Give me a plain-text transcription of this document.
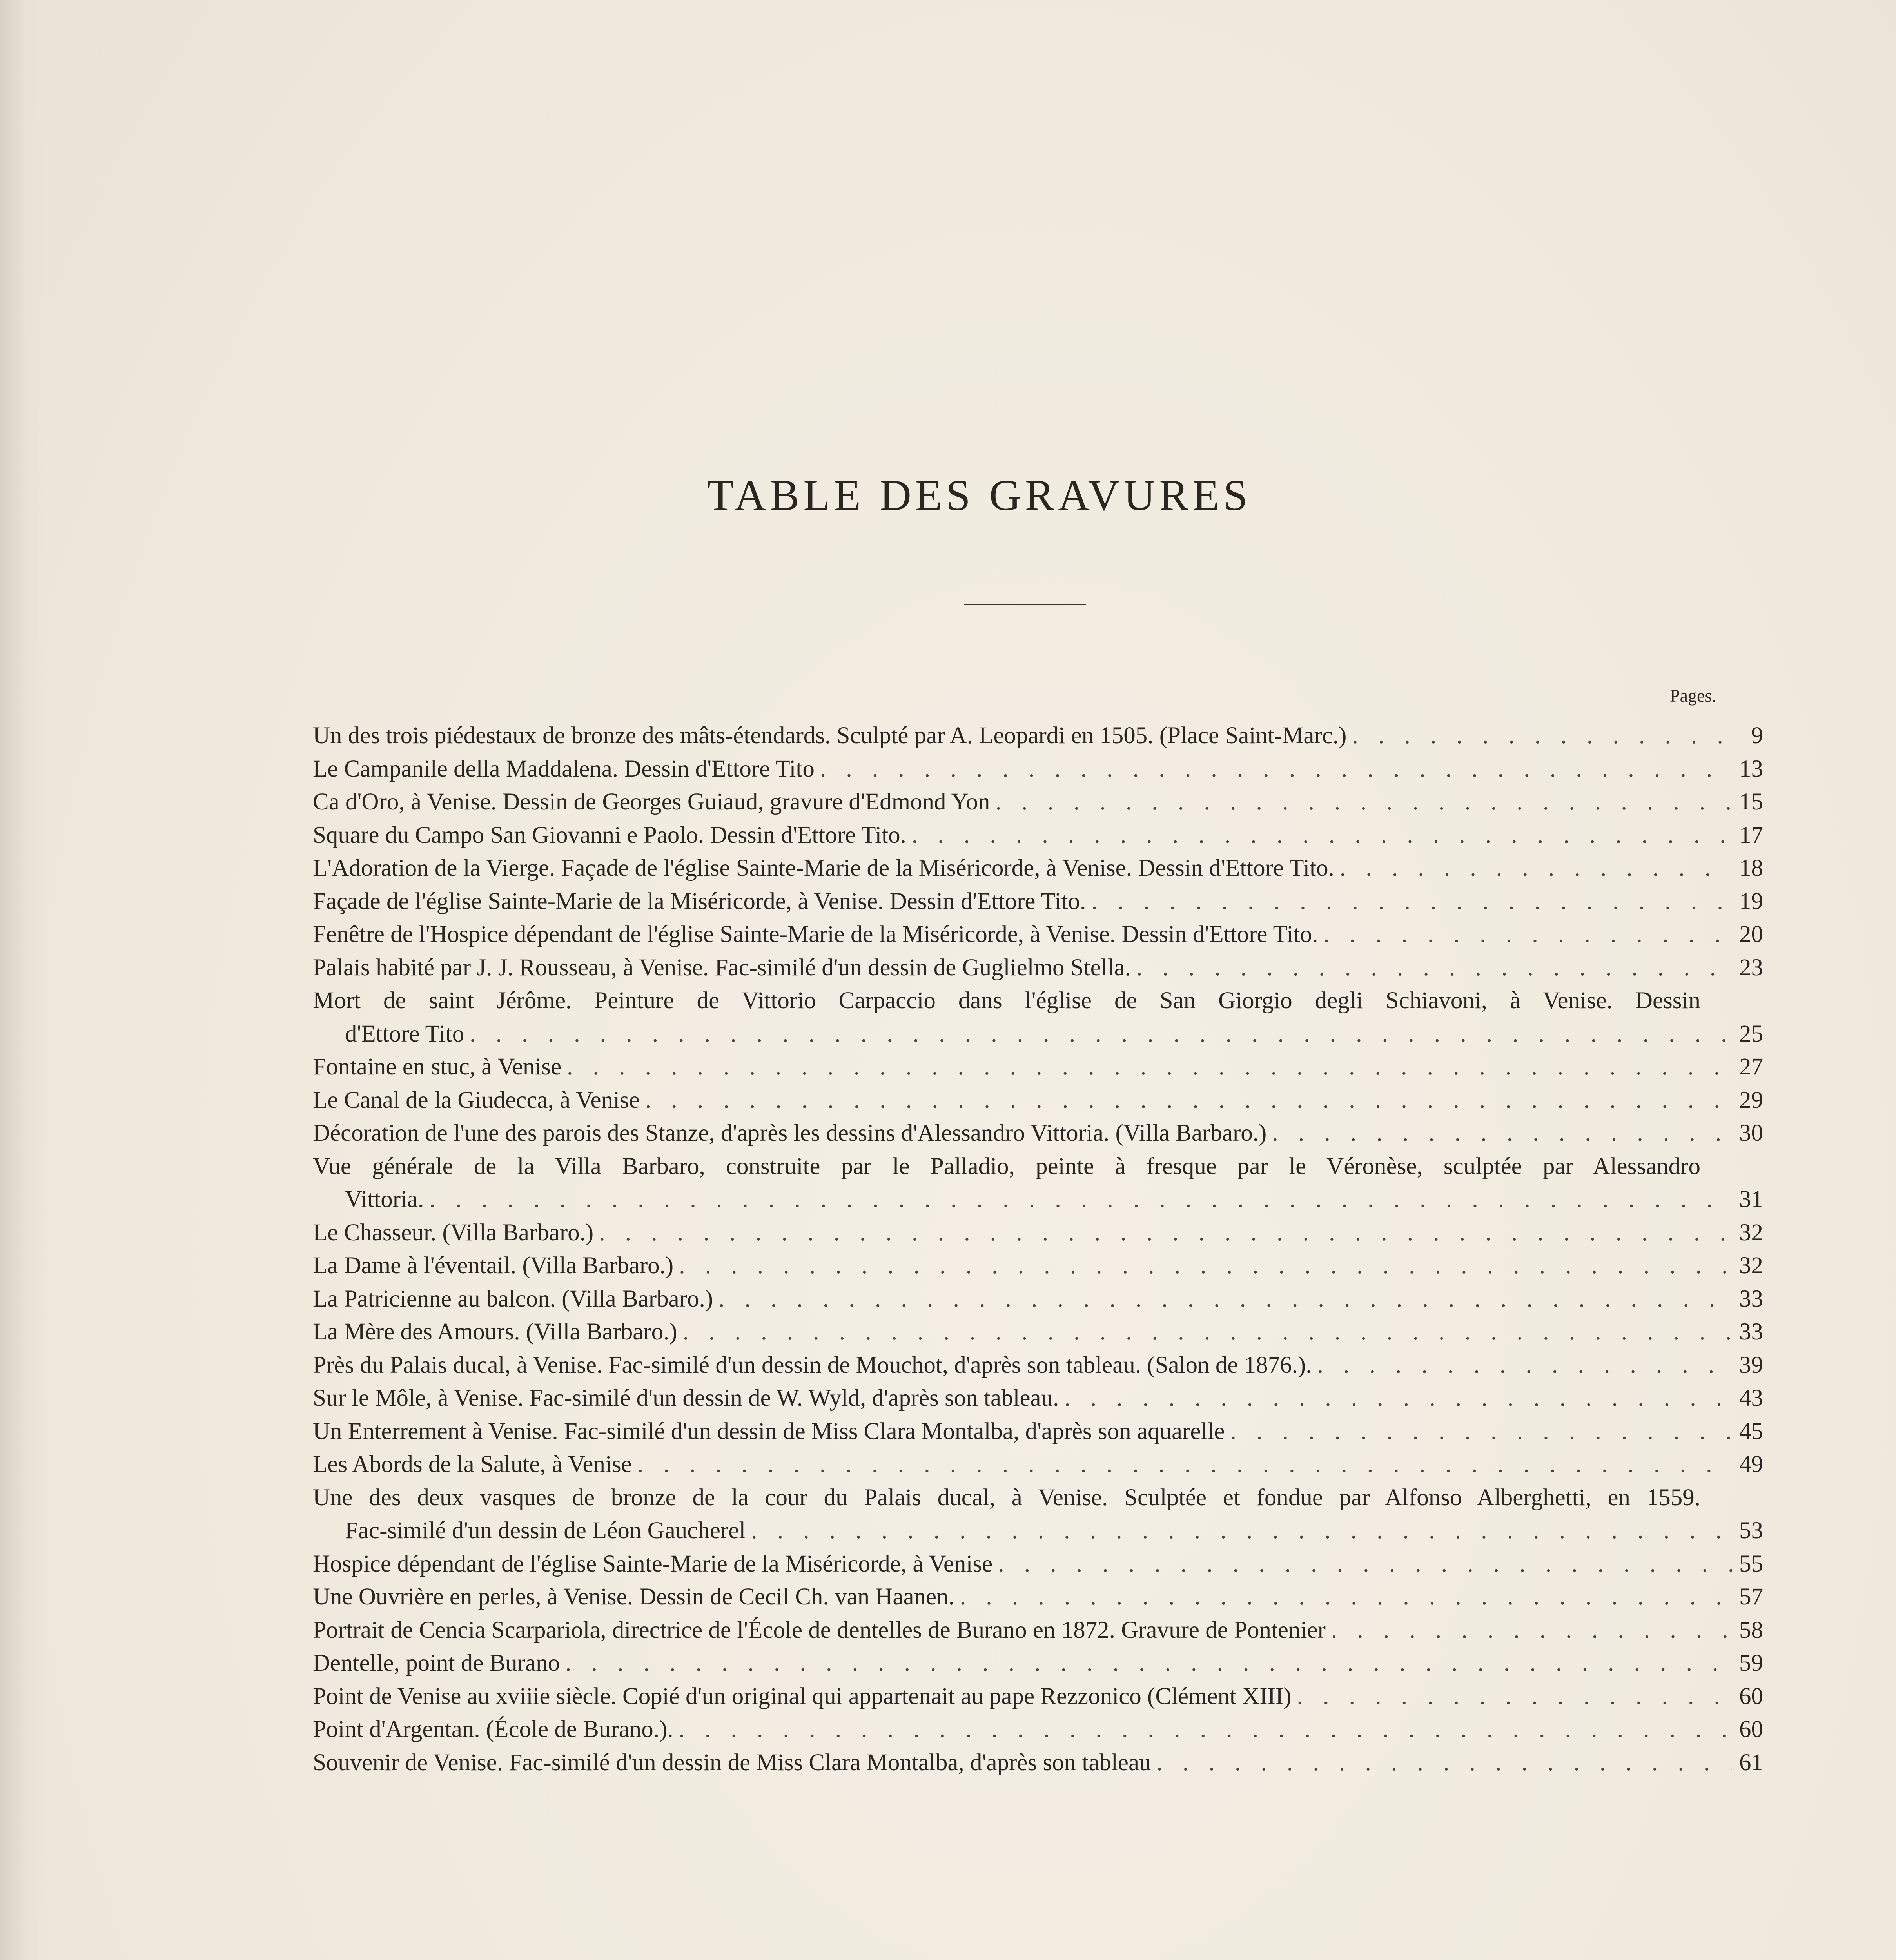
TABLE DES GRAVURES
Pages.
Un des trois piédestaux de bronze des mâts-étendards. Sculpté par A. Leopardi en 1505. (Place Saint-Marc.) . . .	9
Le Campanile della Maddalena. Dessin d'Ettore Tito . . .	13
Ca d'Oro, à Venise. Dessin de Georges Guiaud, gravure d'Edmond Yon . . .	15
Square du Campo San Giovanni e Paolo. Dessin d'Ettore Tito. . . .	17
L'Adoration de la Vierge. Façade de l'église Sainte-Marie de la Miséricorde, à Venise. Dessin d'Ettore Tito. . . .	18
Façade de l'église Sainte-Marie de la Miséricorde, à Venise. Dessin d'Ettore Tito. . . .	19
Fenêtre de l'Hospice dépendant de l'église Sainte-Marie de la Miséricorde, à Venise. Dessin d'Ettore Tito. . . .	20
Palais habité par J. J. Rousseau, à Venise. Fac-similé d'un dessin de Guglielmo Stella. . . .	23
Mort de saint Jérôme. Peinture de Vittorio Carpaccio dans l'église de San Giorgio degli Schiavoni, à Venise. Dessin
d'Ettore Tito . . .	25
Fontaine en stuc, à Venise . . .	27
Le Canal de la Giudecca, à Venise . . .	29
Décoration de l'une des parois des Stanze, d'après les dessins d'Alessandro Vittoria. (Villa Barbaro.) . . .	30
Vue générale de la Villa Barbaro, construite par le Palladio, peinte à fresque par le Véronèse, sculptée par Alessandro
Vittoria. . . .	31
Le Chasseur. (Villa Barbaro.) . . .	32
La Dame à l'éventail. (Villa Barbaro.) . . .	32
La Patricienne au balcon. (Villa Barbaro.) . . .	33
La Mère des Amours. (Villa Barbaro.) . . .	33
Près du Palais ducal, à Venise. Fac-similé d'un dessin de Mouchot, d'après son tableau. (Salon de 1876.). . . .	39
Sur le Môle, à Venise. Fac-similé d'un dessin de W. Wyld, d'après son tableau. . . .	43
Un Enterrement à Venise. Fac-similé d'un dessin de Miss Clara Montalba, d'après son aquarelle . . .	45
Les Abords de la Salute, à Venise . . .	49
Une des deux vasques de bronze de la cour du Palais ducal, à Venise. Sculptée et fondue par Alfonso Alberghetti, en 1559.
Fac-similé d'un dessin de Léon Gaucherel . . .	53
Hospice dépendant de l'église Sainte-Marie de la Miséricorde, à Venise . . .	55
Une Ouvrière en perles, à Venise. Dessin de Cecil Ch. van Haanen. . . .	57
Portrait de Cencia Scarpariola, directrice de l'École de dentelles de Burano en 1872. Gravure de Pontenier . . .	58
Dentelle, point de Burano . . .	59
Point de Venise au xviiie siècle. Copié d'un original qui appartenait au pape Rezzonico (Clément XIII) . . .	60
Point d'Argentan. (École de Burano.). . . .	60
Souvenir de Venise. Fac-similé d'un dessin de Miss Clara Montalba, d'après son tableau . . .	61
